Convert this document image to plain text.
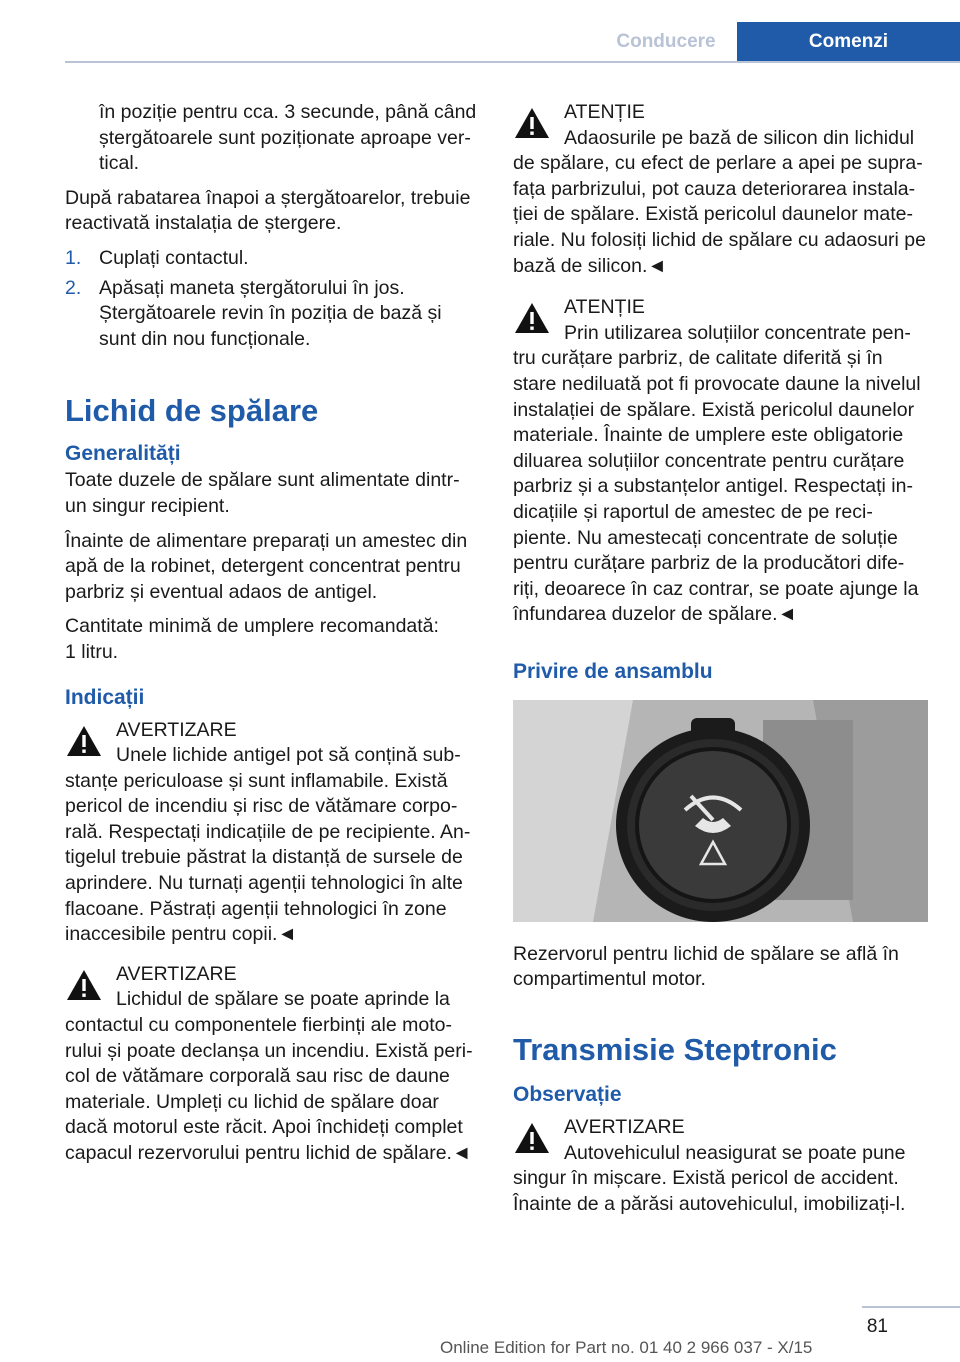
Conducere	Comenzi

în poziție pentru cca. 3 secunde, până când ștergătoarele sunt poziționate aproape ver‐tical.

După rabatarea înapoi a ștergătoarelor, trebuie reactivată instalația de ștergere.

1. Cuplați contactul.
2. Apăsați maneta ștergătorului în jos. Ștergătoarele revin în poziția de bază și sunt din nou funcționale.
Lichid de spălare
Generalități

Toate duzele de spălare sunt alimentate dintr-un singur recipient.

Înainte de alimentare preparați un amestec din apă de la robinet, detergent concentrat pentru parbriz și eventual adaos de antigel.

Cantitate minimă de umplere recomandată:

1 litru.

Indicații
AVERTIZARE
Unele lichide antigel pot să conțină sub‐stanțe periculoase și sunt inflamabile. Există pericol de incendiu și risc de vătămare corpo‐rală. Respectați indicațiile de pe recipiente. An‐tigelul trebuie păstrat la distanță de sursele de aprindere. Nu turnați agenții tehnologici în alte flacoane. Păstrați agenții tehnologici în zone inaccesibile pentru copii.◄
AVERTIZARE
Lichidul de spălare se poate aprinde la contactul cu componentele fierbinți ale moto‐rului și poate declanșa un incendiu. Există peri‐col de vătămare corporală sau risc de daune materiale. Umpleți cu lichid de spălare doar dacă motorul este răcit. Apoi închideți complet capacul rezervorului pentru lichid de spălare.◄
ATENȚIE
Adaosurile pe bază de silicon din lichidul de spălare, cu efect de perlare a apei pe supra‐fața parbrizului, pot cauza deteriorarea instala‐ției de spălare. Există pericolul daunelor mate‐riale. Nu folosiți lichid de spălare cu adaosuri pe bază de silicon.◄
ATENȚIE
Prin utilizarea soluțiilor concentrate pen‐tru curățare parbriz, de calitate diferită și în stare nediluată pot fi provocate daune la nivelul instalației de spălare. Există pericolul daunelor materiale. Înainte de umplere este obligatorie diluarea soluțiilor concentrate pentru curățare parbriz și a substanțelor antigel. Respectați in‐dicațiile și raportul de amestec de pe reci‐piente. Nu amestecați concentrate de soluție pentru curățare parbriz de la producători dife‐riți, deoarece în caz contrar, se poate ajunge la înfundarea duzelor de spălare.◄
Privire de ansamblu

Rezervorul pentru lichid de spălare se află în compartimentul motor.

Transmisie Steptronic
Observație
AVERTIZARE
Autovehiculul neasigurat se poate pune singur în mișcare. Există pericol de accident. Înainte de a părăsi autovehiculul, imobilizați-l.
81
Online Edition for Part no. 01 40 2 966 037 - X/15
